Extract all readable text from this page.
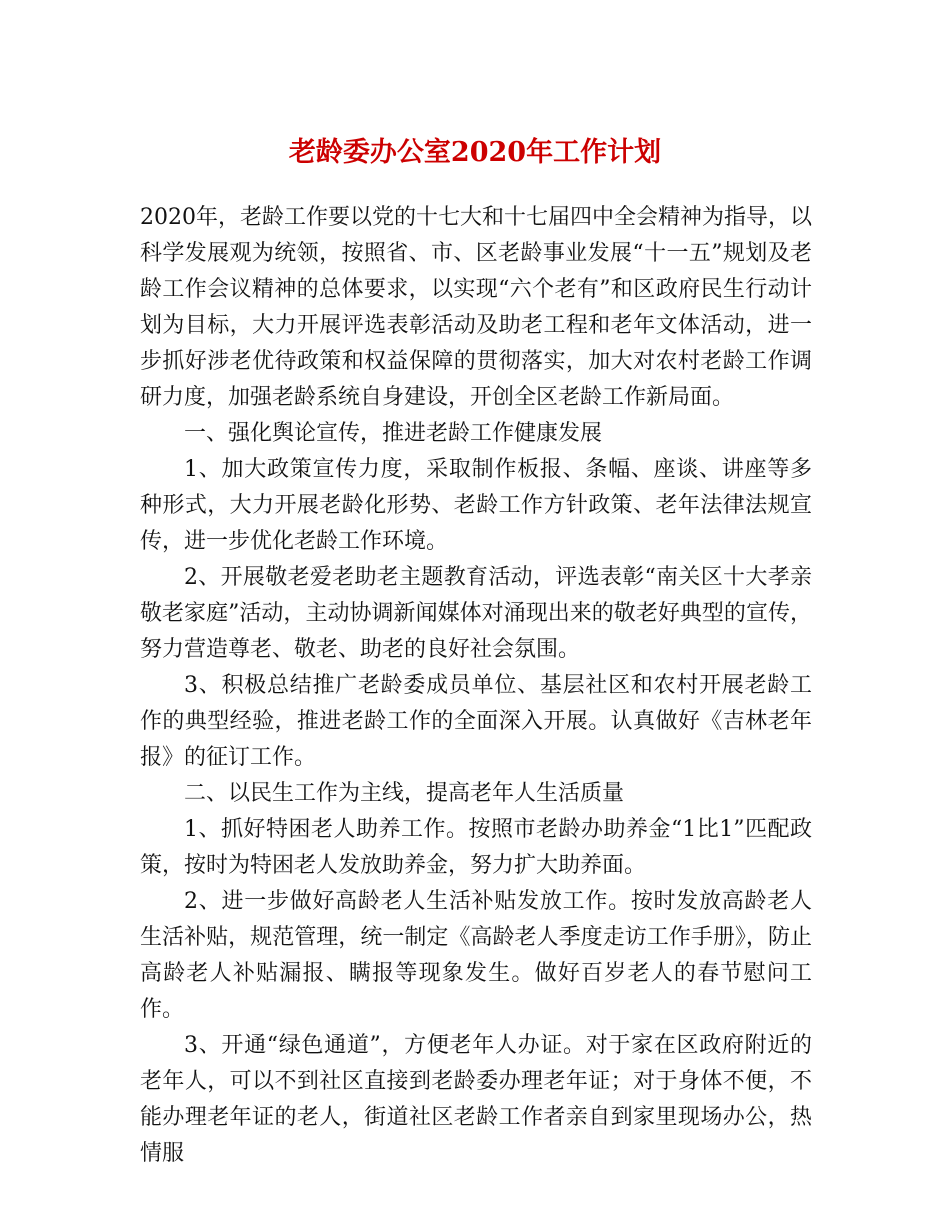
老龄委办公室2020年工作计划

2020年，老龄工作要以党的十七大和十七届四中全会精神为指导，以科学发展观为统领，按照省、市、区老龄事业发展“十一五”规划及老龄工作会议精神的总体要求，以实现“六个老有”和区政府民生行动计划为目标，大力开展评选表彰活动及助老工程和老年文体活动，进一步抓好涉老优待政策和权益保障的贯彻落实，加大对农村老龄工作调研力度，加强老龄系统自身建设，开创全区老龄工作新局面。

一、强化舆论宣传，推进老龄工作健康发展

1、加大政策宣传力度，采取制作板报、条幅、座谈、讲座等多种形式，大力开展老龄化形势、老龄工作方针政策、老年法律法规宣传，进一步优化老龄工作环境。

2、开展敬老爱老助老主题教育活动，评选表彰“南关区十大孝亲敬老家庭”活动，主动协调新闻媒体对涌现出来的敬老好典型的宣传，努力营造尊老、敬老、助老的良好社会氛围。

3、积极总结推广老龄委成员单位、基层社区和农村开展老龄工作的典型经验，推进老龄工作的全面深入开展。认真做好《吉林老年报》的征订工作。

二、以民生工作为主线，提高老年人生活质量

1、抓好特困老人助养工作。按照市老龄办助养金“1比1”匹配政策，按时为特困老人发放助养金，努力扩大助养面。

2、进一步做好高龄老人生活补贴发放工作。按时发放高龄老人生活补贴，规范管理，统一制定《高龄老人季度走访工作手册》，防止高龄老人补贴漏报、瞒报等现象发生。做好百岁老人的春节慰问工作。

3、开通“绿色通道”，方便老年人办证。对于家在区政府附近的老年人，可以不到社区直接到老龄委办理老年证；对于身体不便，不能办理老年证的老人，街道社区老龄工作者亲自到家里现场办公，热情服
